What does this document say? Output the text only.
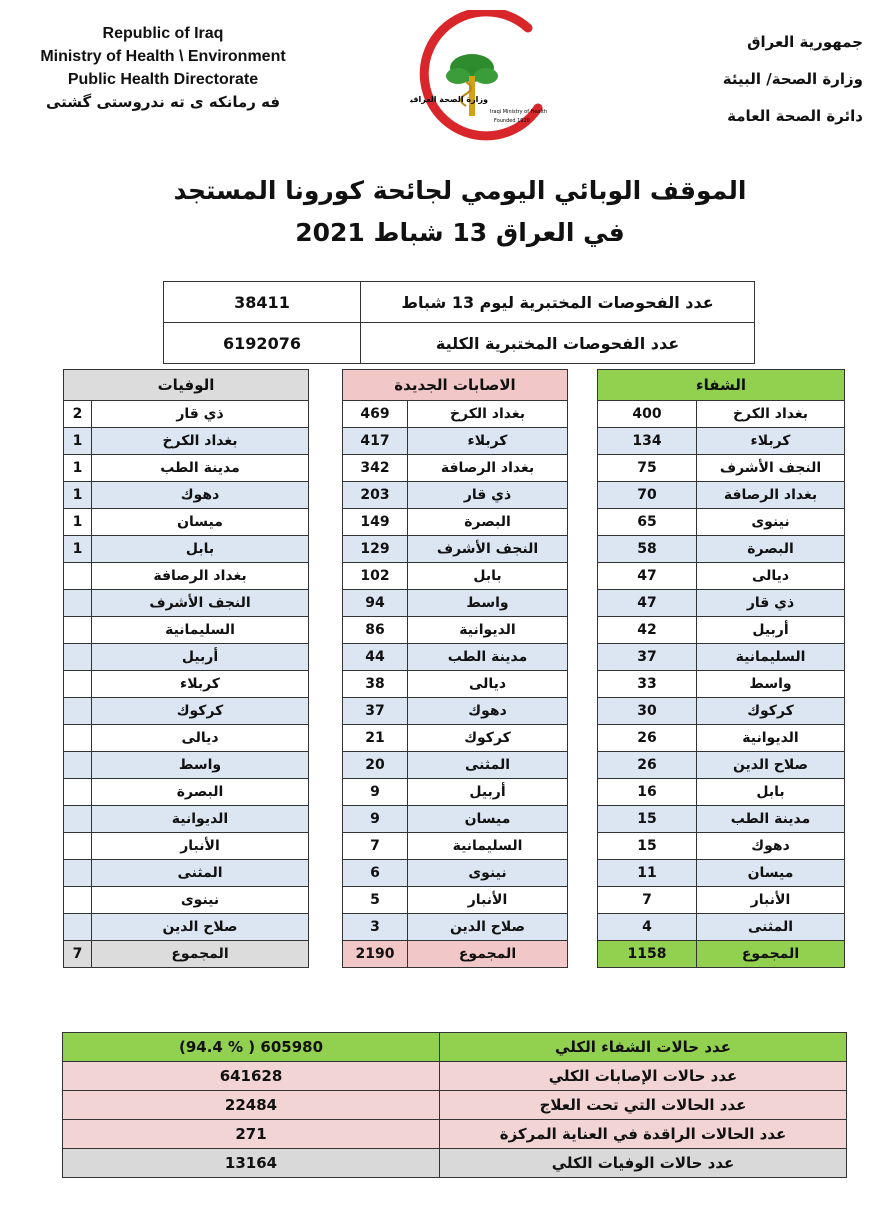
Republic of Iraq
Ministry of Health \ Environment
Public Health Directorate
فه رمانكه ى ته ندروستى گشتى
جمهورية العراق
وزارة الصحة/ البيئة
دائرة الصحة العامة
وزارة الصحة العراقية
Iraqi Ministry of Health
Founded 1920
الموقف الوبائي اليومي لجائحة كورونا المستجد
في العراق 13 شباط 2021
38411	عدد الفحوصات المختبرية ليوم 13 شباط
6192076	عدد الفحوصات المختبرية الكلية
الوفيات	
2	ذي قار
1	بغداد الكرخ
1	مدينة الطب
1	دهوك
1	ميسان
1	بابل
	بغداد الرصافة
	النجف الأشرف
	السليمانية
	أربيل
	كربلاء
	كركوك
	ديالى
	واسط
	البصرة
	الديوانية
	الأنبار
	المثنى
	نينوى
	صلاح الدين
7	المجموع
الاصابات الجديدة	
469	بغداد الكرخ
417	كربلاء
342	بغداد الرصافة
203	ذي قار
149	البصرة
129	النجف الأشرف
102	بابل
94	واسط
86	الديوانية
44	مدينة الطب
38	ديالى
37	دهوك
21	كركوك
20	المثنى
9	أربيل
9	ميسان
7	السليمانية
6	نينوى
5	الأنبار
3	صلاح الدين
2190	المجموع
الشفاء	
400	بغداد الكرخ
134	كربلاء
75	النجف الأشرف
70	بغداد الرصافة
65	نينوى
58	البصرة
47	ديالى
47	ذي قار
42	أربيل
37	السليمانية
33	واسط
30	كركوك
26	الديوانية
26	صلاح الدين
16	بابل
15	مدينة الطب
15	دهوك
11	ميسان
7	الأنبار
4	المثنى
1158	المجموع
(94.4 % ) 605980	عدد حالات الشفاء الكلي
641628	عدد حالات الإصابات الكلي
22484	عدد الحالات التي تحت العلاج
271	عدد الحالات الراقدة في العناية المركزة
13164	عدد حالات الوفيات الكلي
